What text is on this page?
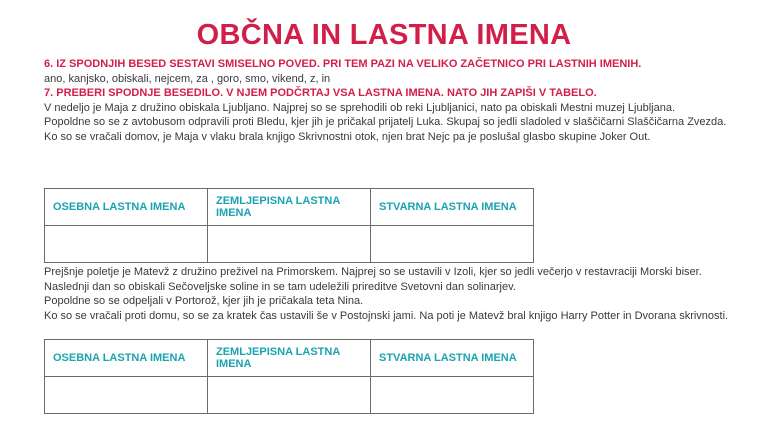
OBČNA IN LASTNA IMENA

6. IZ SPODNJIH BESED SESTAVI SMISELNO POVED. PRI TEM PAZI NA VELIKO ZAČETNICO PRI LASTNIH IMENIH.

ano, kanjsko, obiskali, nejcem, za , goro, smo, vikend, z, in

7. PREBERI SPODNJE BESEDILO. V NJEM PODČRTAJ VSA LASTNA IMENA. NATO JIH ZAPIŠI V TABELO.

V nedeljo je Maja z družino obiskala Ljubljano. Najprej so se sprehodili ob reki Ljubljanici, nato pa obiskali Mestni muzej Ljubljana.

Popoldne so se z avtobusom odpravili proti Bledu, kjer jih je pričakal prijatelj Luka. Skupaj so jedli sladoled v slaščičarni Slaščičarna Zvezda.

Ko so se vračali domov, je Maja v vlaku brala knjigo Skrivnostni otok, njen brat Nejc pa je poslušal glasbo skupine Joker Out.

OSEBNA LASTNA IMENA	ZEMLJEPISNA LASTNA IMENA	STVARNA LASTNA IMENA

Prejšnje poletje je Matevž z družino preživel na Primorskem. Najprej so se ustavili v Izoli, kjer so jedli večerjo v restavraciji Morski biser. Naslednji dan so obiskali Sečoveljske soline in se tam udeležili prireditve Svetovni dan solinarjev.

Popoldne so se odpeljali v Portorož, kjer jih je pričakala teta Nina.

Ko so se vračali proti domu, so se za kratek čas ustavili še v Postojnski jami. Na poti je Matevž bral knjigo Harry Potter in Dvorana skrivnosti.

OSEBNA LASTNA IMENA	ZEMLJEPISNA LASTNA IMENA	STVARNA LASTNA IMENA
